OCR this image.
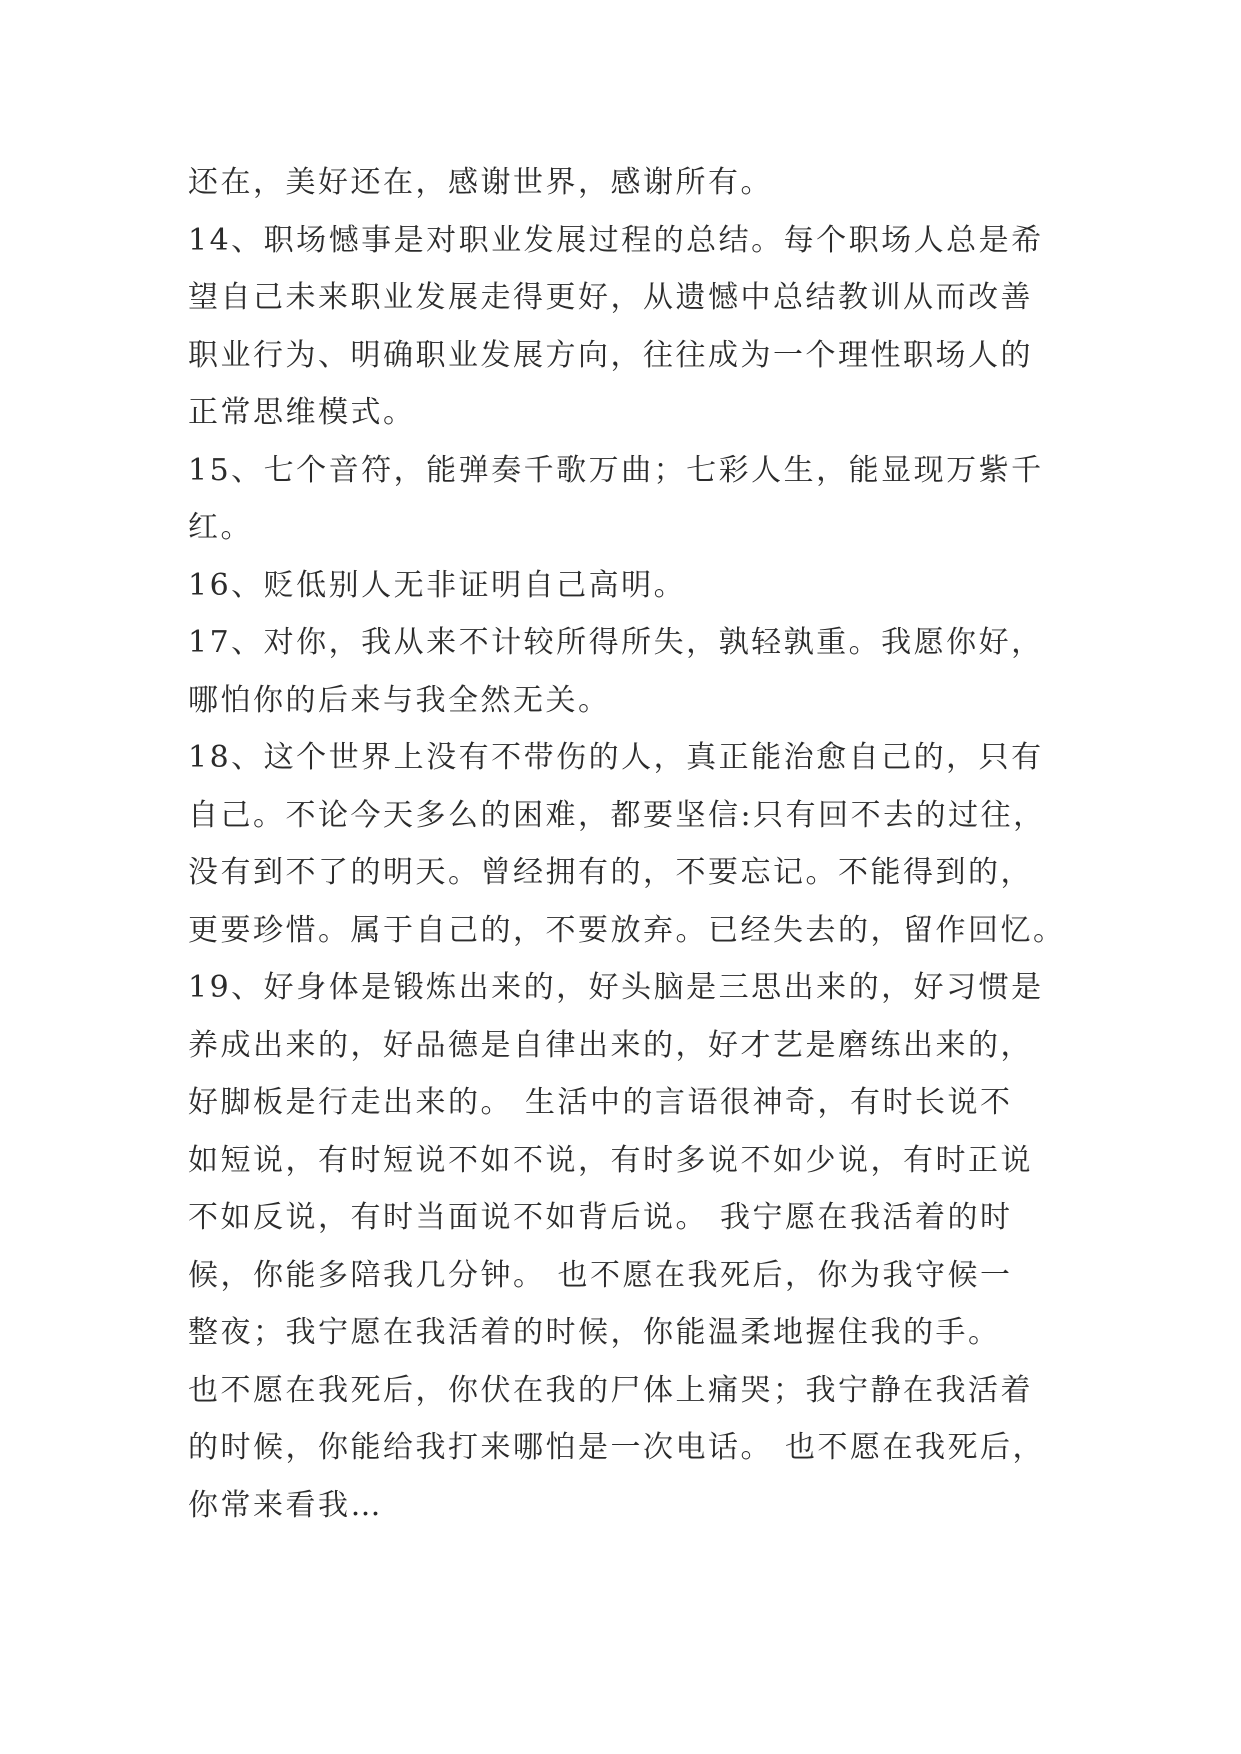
还在，美好还在，感谢世界，感谢所有。
14、职场憾事是对职业发展过程的总结。每个职场人总是希
望自己未来职业发展走得更好，从遗憾中总结教训从而改善
职业行为、明确职业发展方向，往往成为一个理性职场人的
正常思维模式。
15、七个音符，能弹奏千歌万曲；七彩人生，能显现万紫千
红。
16、贬低别人无非证明自己高明。
17、对你，我从来不计较所得所失，孰轻孰重。我愿你好，
哪怕你的后来与我全然无关。
18、这个世界上没有不带伤的人，真正能治愈自己的，只有
自己。不论今天多么的困难，都要坚信:只有回不去的过往，
没有到不了的明天。曾经拥有的，不要忘记。不能得到的，
更要珍惜。属于自己的，不要放弃。已经失去的，留作回忆。
19、好身体是锻炼出来的，好头脑是三思出来的，好习惯是
养成出来的，好品德是自律出来的，好才艺是磨练出来的，
好脚板是行走出来的。 生活中的言语很神奇，有时长说不
如短说，有时短说不如不说，有时多说不如少说，有时正说
不如反说，有时当面说不如背后说。 我宁愿在我活着的时
候，你能多陪我几分钟。 也不愿在我死后，你为我守候一
整夜；我宁愿在我活着的时候，你能温柔地握住我的手。
也不愿在我死后，你伏在我的尸体上痛哭；我宁静在我活着
的时候，你能给我打来哪怕是一次电话。 也不愿在我死后，
你常来看我…
